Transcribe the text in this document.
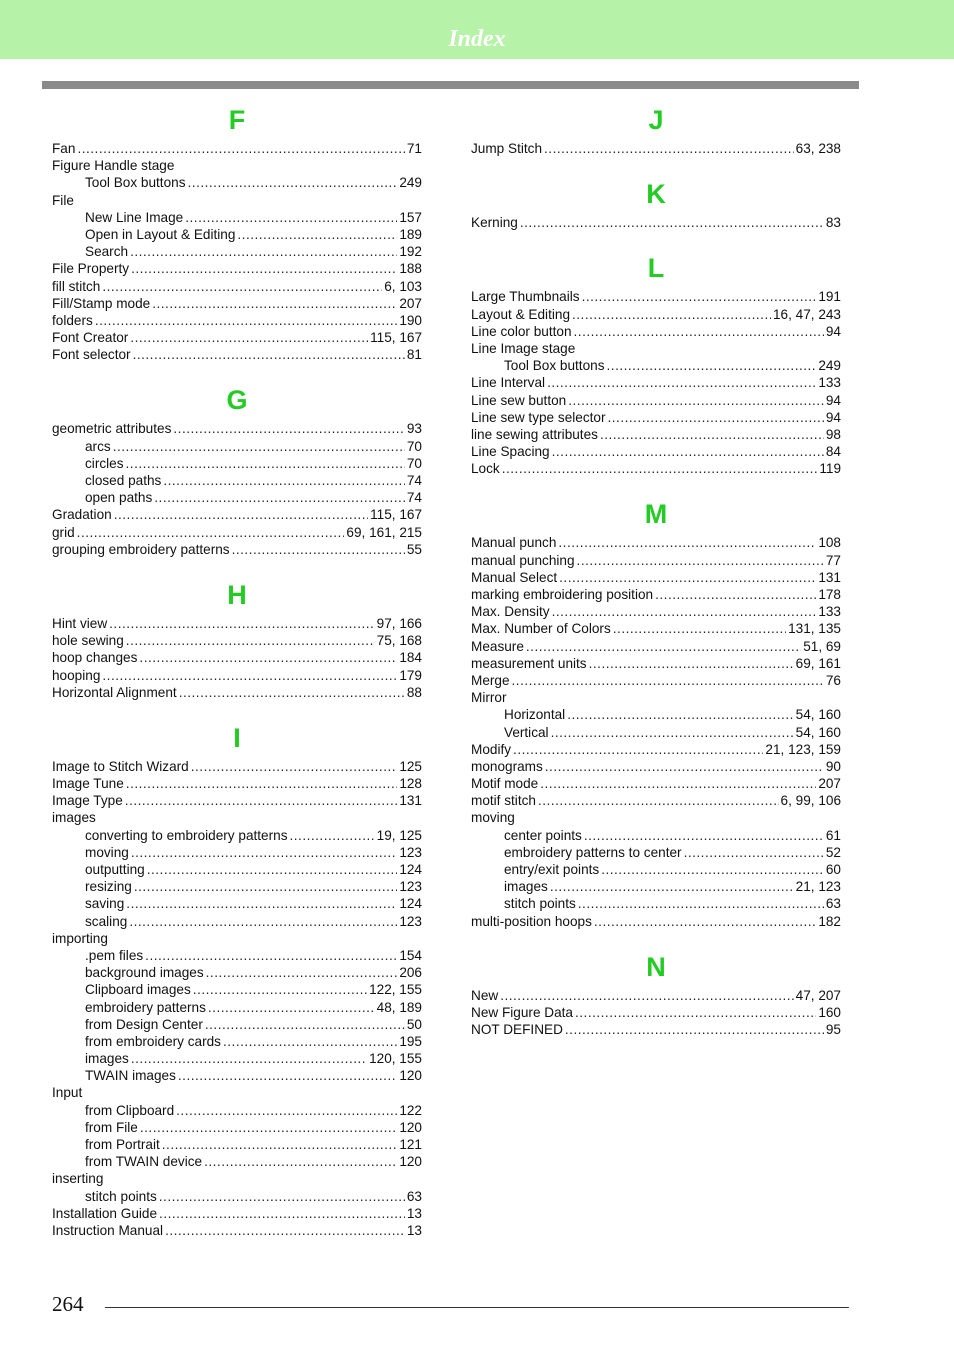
Index
F
Fan .....	71
Figure Handle stage
Tool Box buttons .....	249
File
New Line Image .....	157
Open in Layout & Editing .....	189
Search .....	192
File Property .....	188
fill stitch .....	6, 103
Fill/Stamp mode .....	207
folders .....	190
Font Creator .....	115, 167
Font selector .....	81
G
geometric attributes .....	93
arcs .....	70
circles .....	70
closed paths .....	74
open paths .....	74
Gradation .....	115, 167
grid .....	69, 161, 215
grouping embroidery patterns .....	55
H
Hint view .....	97, 166
hole sewing .....	75, 168
hoop changes .....	184
hooping .....	179
Horizontal Alignment .....	88
I
Image to Stitch Wizard .....	125
Image Tune .....	128
Image Type .....	131
images
converting to embroidery patterns .....	19, 125
moving .....	123
outputting .....	124
resizing .....	123
saving .....	124
scaling .....	123
importing
.pem files .....	154
background images .....	206
Clipboard images .....	122, 155
embroidery patterns .....	48, 189
from Design Center .....	50
from embroidery cards .....	195
images .....	120, 155
TWAIN images .....	120
Input
from Clipboard .....	122
from File .....	120
from Portrait .....	121
from TWAIN device .....	120
inserting
stitch points .....	63
Installation Guide .....	13
Instruction Manual .....	13
J
Jump Stitch .....	63, 238
K
Kerning .....	83
L
Large Thumbnails .....	191
Layout & Editing .....	16, 47, 243
Line color button .....	94
Line Image stage
Tool Box buttons .....	249
Line Interval .....	133
Line sew button .....	94
Line sew type selector .....	94
line sewing attributes .....	98
Line Spacing .....	84
Lock .....	119
M
Manual punch .....	108
manual punching .....	77
Manual Select .....	131
marking embroidering position .....	178
Max. Density .....	133
Max. Number of Colors .....	131, 135
Measure .....	51, 69
measurement units .....	69, 161
Merge .....	76
Mirror
Horizontal .....	54, 160
Vertical .....	54, 160
Modify .....	21, 123, 159
monograms .....	90
Motif mode .....	207
motif stitch .....	6, 99, 106
moving
center points .....	61
embroidery patterns to center .....	52
entry/exit points .....	60
images .....	21, 123
stitch points .....	63
multi-position hoops .....	182
N
New .....	47, 207
New Figure Data .....	160
NOT DEFINED .....	95
264
